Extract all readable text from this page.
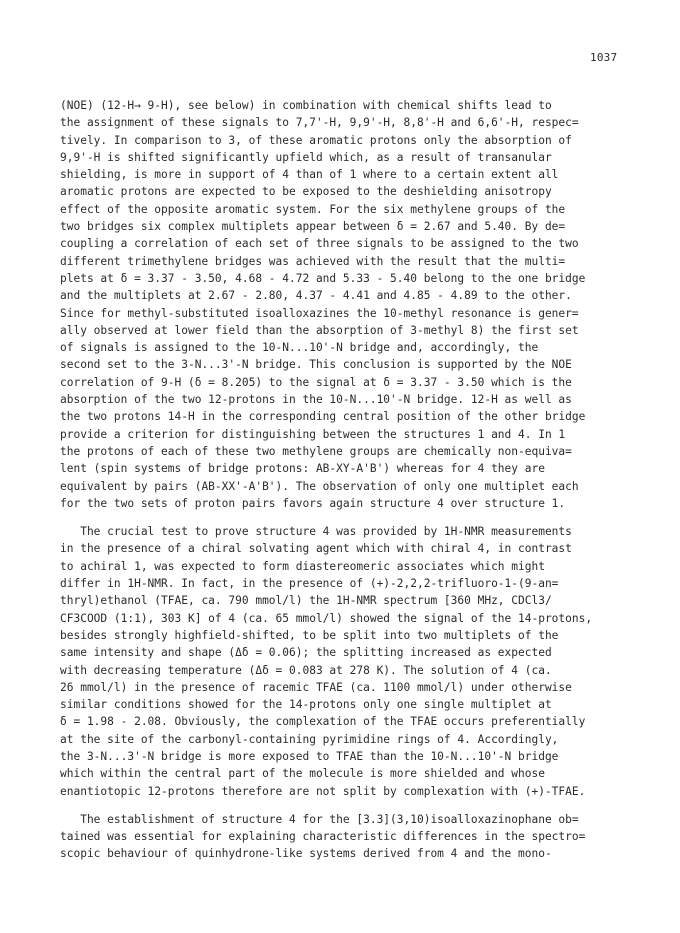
1037
(NOE) (12-H→ 9-H), see below) in combination with chemical shifts lead to
the assignment of these signals to 7,7'-H, 9,9'-H, 8,8'-H and 6,6'-H, respec=
tively. In comparison to 3, of these aromatic protons only the absorption of
9,9'-H is shifted significantly upfield which, as a result of transanular
shielding, is more in support of 4 than of 1 where to a certain extent all
aromatic protons are expected to be exposed to the deshielding anisotropy
effect of the opposite aromatic system. For the six methylene groups of the
two bridges six complex multiplets appear between δ = 2.67 and 5.40. By de=
coupling a correlation of each set of three signals to be assigned to the two
different trimethylene bridges was achieved with the result that the multi=
plets at δ = 3.37 - 3.50, 4.68 - 4.72 and 5.33 - 5.40 belong to the one bridge
and the multiplets at 2.67 - 2.80, 4.37 - 4.41 and 4.85 - 4.89 to the other.
Since for methyl-substituted isoalloxazines the 10-methyl resonance is gener=
ally observed at lower field than the absorption of 3-methyl 8) the first set
of signals is assigned to the 10-N...10'-N bridge and, accordingly, the
second set to the 3-N...3'-N bridge. This conclusion is supported by the NOE
correlation of 9-H (δ = 8.205) to the signal at δ = 3.37 - 3.50 which is the
absorption of the two 12-protons in the 10-N...10'-N bridge. 12-H as well as
the two protons 14-H in the corresponding central position of the other bridge
provide a criterion for distinguishing between the structures 1 and 4. In 1
the protons of each of these two methylene groups are chemically non-equiva=
lent (spin systems of bridge protons: AB-XY-A'B') whereas for 4 they are
equivalent by pairs (AB-XX'-A'B'). The observation of only one multiplet each
for the two sets of proton pairs favors again structure 4 over structure 1.
The crucial test to prove structure 4 was provided by 1H-NMR measurements
in the presence of a chiral solvating agent which with chiral 4, in contrast
to achiral 1, was expected to form diastereomeric associates which might
differ in 1H-NMR. In fact, in the presence of (+)-2,2,2-trifluoro-1-(9-an=
thryl)ethanol (TFAE, ca. 790 mmol/l) the 1H-NMR spectrum [360 MHz, CDCl3/
CF3COOD (1:1), 303 K] of 4 (ca. 65 mmol/l) showed the signal of the 14-protons,
besides strongly highfield-shifted, to be split into two multiplets of the
same intensity and shape (Δδ = 0.06); the splitting increased as expected
with decreasing temperature (Δδ = 0.083 at 278 K). The solution of 4 (ca.
26 mmol/l) in the presence of racemic TFAE (ca. 1100 mmol/l) under otherwise
similar conditions showed for the 14-protons only one single multiplet at
δ = 1.98 - 2.08. Obviously, the complexation of the TFAE occurs preferentially
at the site of the carbonyl-containing pyrimidine rings of 4. Accordingly,
the 3-N...3'-N bridge is more exposed to TFAE than the 10-N...10'-N bridge
which within the central part of the molecule is more shielded and whose
enantiotopic 12-protons therefore are not split by complexation with (+)-TFAE.
The establishment of structure 4 for the [3.3](3,10)isoalloxazinophane ob=
tained was essential for explaining characteristic differences in the spectro=
scopic behaviour of quinhydrone-like systems derived from 4 and the mono-
